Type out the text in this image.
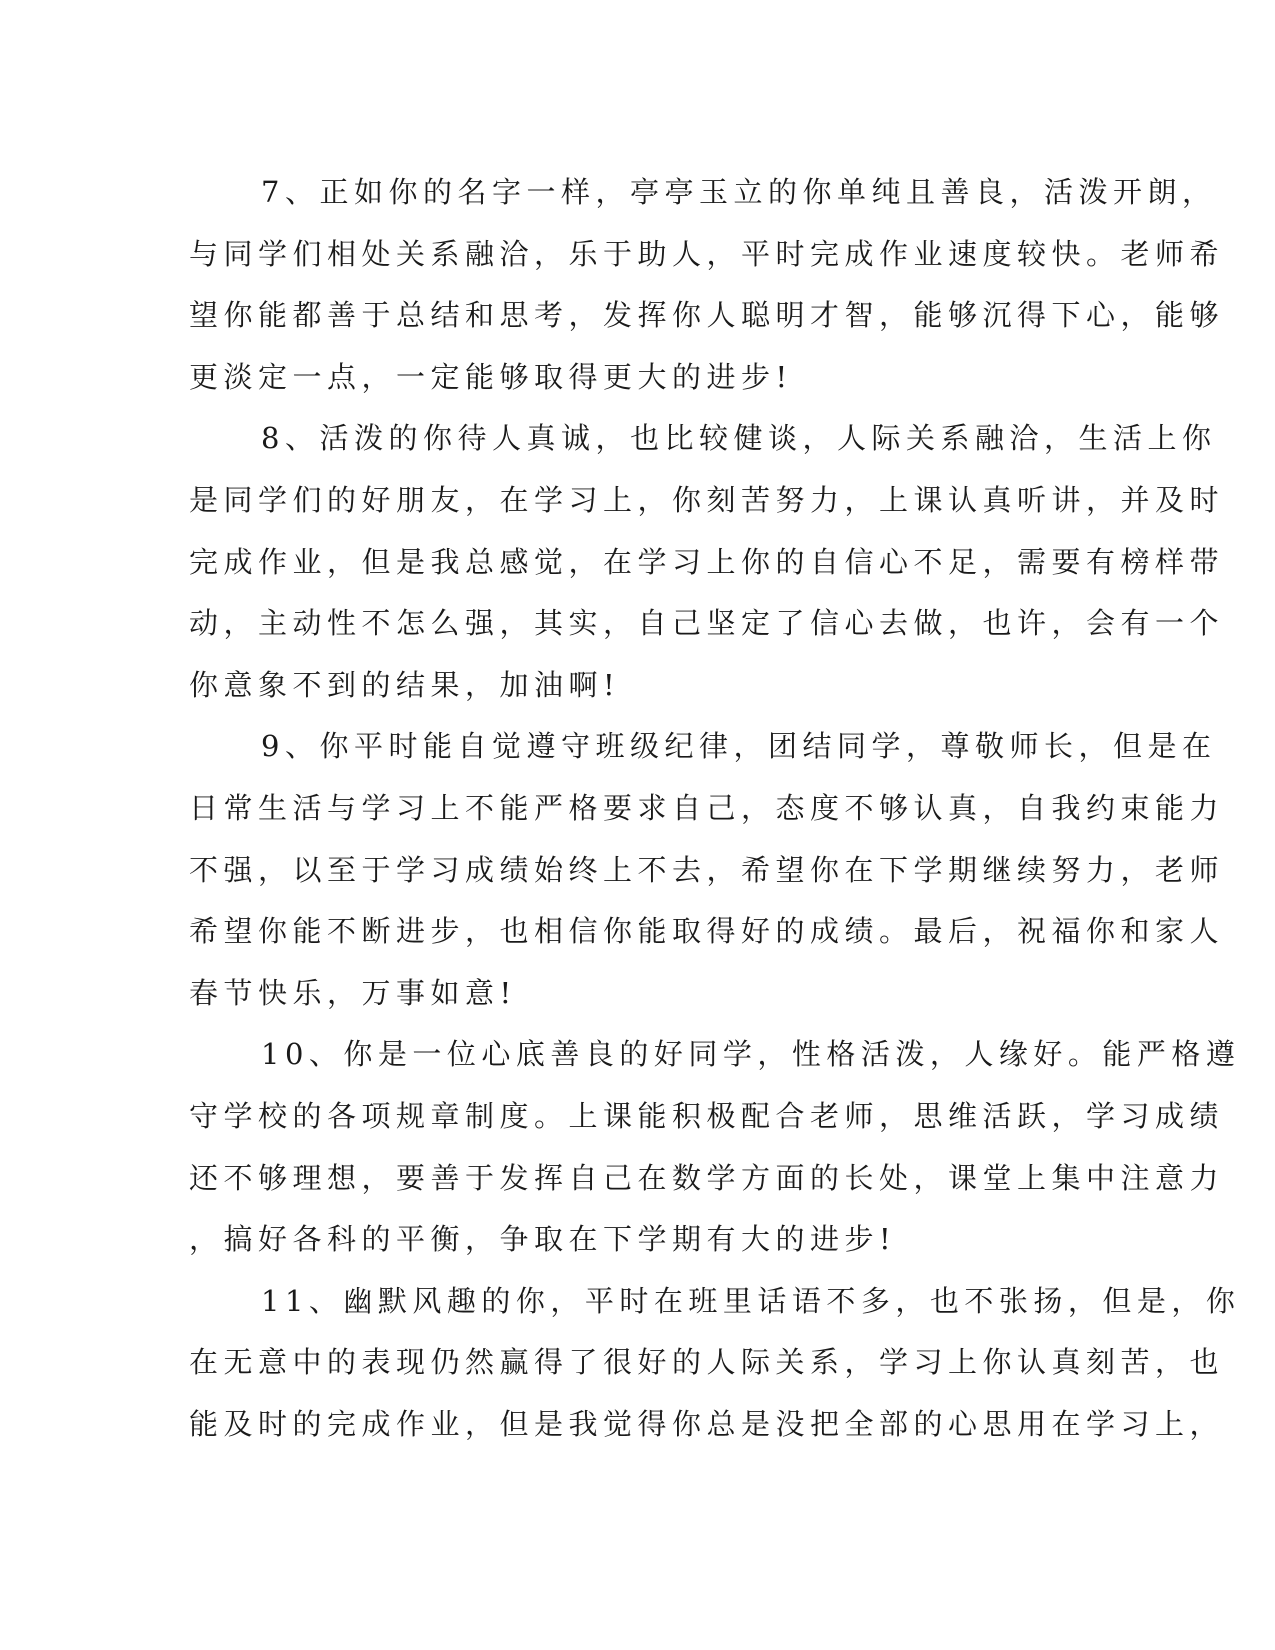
7、正如你的名字一样，亭亭玉立的你单纯且善良，活泼开朗，
与同学们相处关系融洽，乐于助人，平时完成作业速度较快。老师希
望你能都善于总结和思考，发挥你人聪明才智，能够沉得下心，能够
更淡定一点，一定能够取得更大的进步!
8、活泼的你待人真诚，也比较健谈，人际关系融洽，生活上你
是同学们的好朋友，在学习上，你刻苦努力，上课认真听讲，并及时
完成作业，但是我总感觉，在学习上你的自信心不足，需要有榜样带
动，主动性不怎么强，其实，自己坚定了信心去做，也许，会有一个
你意象不到的结果，加油啊!
9、你平时能自觉遵守班级纪律，团结同学，尊敬师长，但是在
日常生活与学习上不能严格要求自己，态度不够认真，自我约束能力
不强，以至于学习成绩始终上不去，希望你在下学期继续努力，老师
希望你能不断进步，也相信你能取得好的成绩。最后，祝福你和家人
春节快乐，万事如意!
10、你是一位心底善良的好同学，性格活泼，人缘好。能严格遵
守学校的各项规章制度。上课能积极配合老师，思维活跃，学习成绩
还不够理想，要善于发挥自己在数学方面的长处，课堂上集中注意力
，搞好各科的平衡，争取在下学期有大的进步!
11、幽默风趣的你，平时在班里话语不多，也不张扬，但是，你
在无意中的表现仍然赢得了很好的人际关系，学习上你认真刻苦，也
能及时的完成作业，但是我觉得你总是没把全部的心思用在学习上，
